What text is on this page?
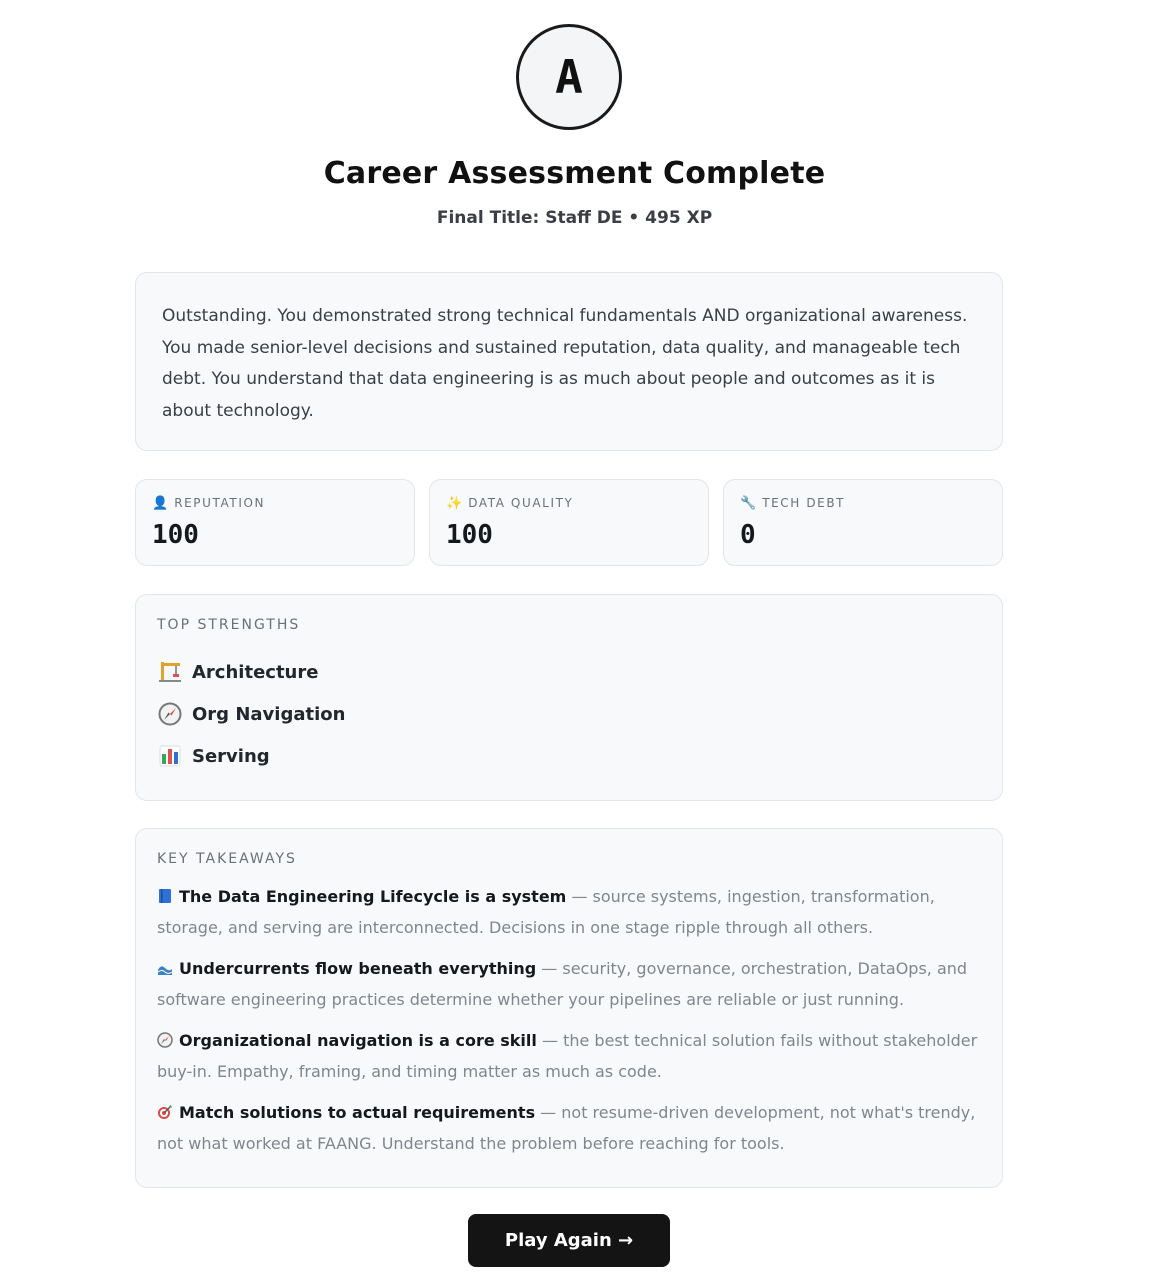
A
Career Assessment Complete
Final Title: Staff DE • 495 XP

Outstanding. You demonstrated strong technical fundamentals AND organizational awareness. You made senior-level decisions and sustained reputation, data quality, and manageable tech debt. You understand that data engineering is as much about people and outcomes as it is about technology.

👤 REPUTATION
100
✨ DATA QUALITY
100
🔧 TECH DEBT
0
TOP STRENGTHS
Architecture
Org Navigation
Serving
KEY TAKEAWAYS

The Data Engineering Lifecycle is a system — source systems, ingestion, transformation, storage, and serving are interconnected. Decisions in one stage ripple through all others.

Undercurrents flow beneath everything — security, governance, orchestration, DataOps, and software engineering practices determine whether your pipelines are reliable or just running.

Organizational navigation is a core skill — the best technical solution fails without stakeholder buy-in. Empathy, framing, and timing matter as much as code.

Match solutions to actual requirements — not resume-driven development, not what's trendy, not what worked at FAANG. Understand the problem before reaching for tools.

Play Again →
